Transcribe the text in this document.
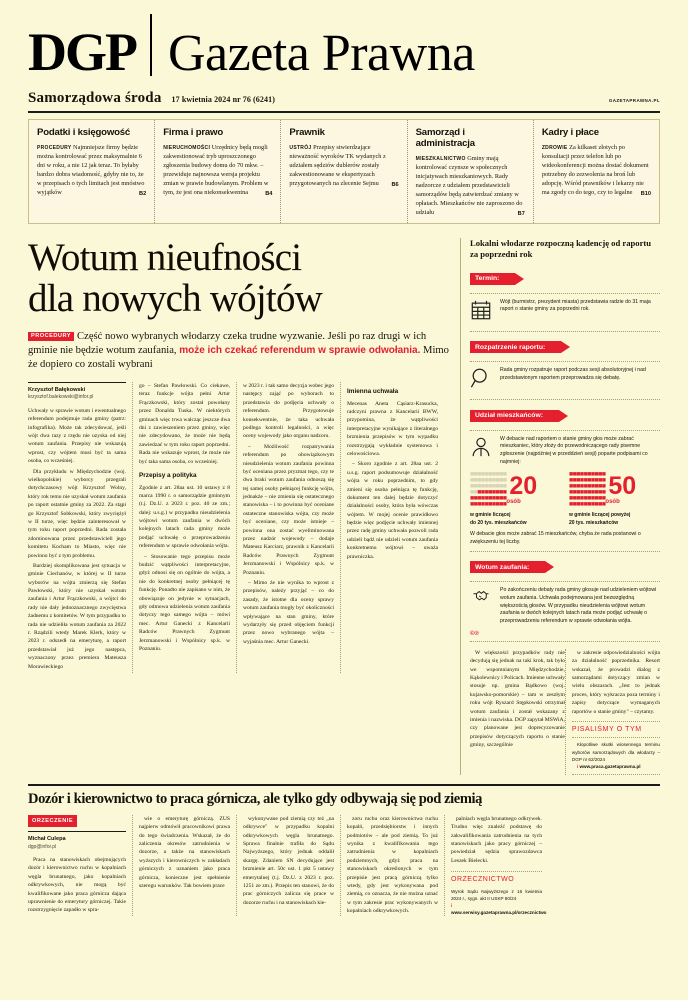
DGP Gazeta Prawna
Samorządowa środa 17 kwietnia 2024 nr 76 (6241)	GAZETAPRAWNA.PL
Podatki i księgowość

PROCEDURY Najmniejsze firmy będzie można kontrolować przez maksymalnie 6 dni w roku, a nie 12 jak teraz. To byłaby bardzo dobra wiadomość, gdyby nie to, że w przepisach o tych limitach jest mnóstwo wyjątków	B2

Firma i prawo

NIERUCHOMOŚCI Urzędnicy będą mogli zakwestionować tryb uproszczonego zgłoszenia budowy domu do 70 mkw. – przewiduje najnowsza wersja projektu zmian w prawie budowlanym. Problem w tym, że jest ona niekonsekwentna	B4

Prawnik

USTRÓJ Przepisy stwierdzające nieważność wyroków TK wydanych z udziałem sędziów dublerów zostały zakwestionowane w ekspertyzach przygotowanych na zlecenie Sejmu B6

Samorząd i administracja

MIESZKALNICTWO Gminy mają kontrolować czynsze w społecznych inicjatywach mieszkaniowych. Rady nadzorcze z udziałem przedstawicieli samorządów będą zatwierdzać zmiany w opłatach. Mieszkańców nie zaproszono do udziału	B7

Kadry i płace

ZDROWIE Za kilkaset złotych po konsultacji przez telefon lub po wideokonferencji można dostać dokument potrzebny do zezwolenia na broń lub adopcję. Wśród prawników i lekarzy nie ma zgody co do tego, czy to legalne B10

Wotum nieufności
dla nowych wójtów
PROCEDURY Część nowo wybranych włodarzy czeka trudne wyzwanie. Jeśli po raz drugi w ich gminie nie będzie wotum zaufania, może ich czekać referendum w sprawie odwołania. Mimo że dopiero co zostali wybrani
Krzysztof Bałękowski
krzysztof.balekowski@infor.pl

Uchwały w sprawie wotum i ewentualnego referendum podejmuje rada gminy (patrz: infografika). Może tak zdecydować, jeśli wójt dwa razy z rzędu nie uzyska od niej wotum zaufania. Przepisy nie wskazują wprost, czy wójtem musi być ta sama osoba, co wcześniej.

Dla przykładu w Międzychodzie (woj. wielkopolskie) wyborcy przegrali dotychczasowy wójt Krzysztof Wolny, który rok temu nie uzyskał wotum zaufania po raport ostatnie gminy za 2022. Za stąpi go Krzysztof Sobkowski, który zwyciężył w II turze, więc będzie zainteresował w tym roku raport poprzedni. Rada została zdominowana przez przedstawicieli jego komitetu Kocham to Miasto, więc nie powinno być z tym problemu.

Bardziej skomplikowana jest sytuacja w gminie Ciechanów, w której w II turze wyborów na wójta zmierzą się Stefan Pawłowski, który nie uzyskał wotum zaufania i Artur Frączkowski, a wójtci do rady nie dały jednoznacznego zwycięstwa żadnemu z komitetów. W tym przypadku to rada nie udzieliła wotum zaufania za 2022 r. Rządzili wtedy Marek Klerk, który w 2023 r. odszedł na emeryturę, a raport przedstawiał już jego następca, wyznaczony przez premiera Mateusza Morawieckiego

go – Stefan Pawłowski. Co ciekawe, teraz funkcje wójta pełni Artur Frączkowski, który został powołany przez Donalda Tuska. W niektórych gminach więc trwa walcząc jeszcze dwa dni z zawieszeniem przez gminy, więc nie zdecydowano, że może nie będą zawiedzać w tym roku raport poprzedni. Rada nie wskazuje wprost, że może nie być taka sama osoba, co wcześniej.

Przepisy a polityka

Zgodnie z art. 28aa ust. 10 ustawy z 8 marca 1990 r. o samorządzie gminnym (t.j. Dz.U. z 2023 r. poz. 40 ze zm.; dalej: u.s.g.) w przypadku nieudzielenia wójtowi wotum zaufania w dwóch kolejnych latach rada gminy może podjąć uchwałę o przeprowadzeniu referendum w sprawie odwołania wójta.

– Stosowanie tego przepisu może budzić wątpliwości interpretacyjne, gdyż odnosi się on ogólnie do wójta, a nie do konkretnej osoby pełniącej tę funkcję. Ponadto nie zapisano w nim, że obowiązuje on jedynie w sytuacjach, gdy odmowa udzielenia wotum zaufania dotyczy tego samego wójta – mówi mec. Artur Ganecki z Kancelarii Radców Prawnych Zygmunt Jerzmanowski i Wspólnicy sp.k. w Poznaniu.

w 2023 r. i tak samo decyzja wobec jego następcy zająć po wyborach to przedstawia do podjęcia uchwały o referendum. Przygotowuje konsekwentnie, że taka uchwała podlega kontroli legalności, a więc oceny wojewody jako organu nadzoru.

– Możliwość rozpatrywania referendum po obowiązkowym nieudzielenia wotum zaufania powinna być oceniana przez pryzmat tego, czy te dwa braki wotum zaufania odnoszą się tej samej osoby pełniącej funkcję wójta, jednakże – nie zmienia się ostatecznego stanowiska – i to powinna być oceniane ostateczne stanowiska wójta, czy może być oceniane, czy może istnieje – powinna ona zostać wyeliminowana przez nadzór wojewody – dodaje Mateusz Karciarz, prawnik z Kancelarii Radców Prawnych Zygmunt Jerzmanowski i Wspólnicy sp.k. w Poznaniu.

– Mimo że nie wynika to wprost z przepisów, należy przyjąć – co do zasady, że istotne dla oceny sprawy wotum zaufania mogły być okoliczności wpływające na stan gminy, które wydarzyły się przed objęciem funkcji przez nowo wybranego wójta – wyjaśnia mec. Artur Ganecki.

Imienna uchwała

Mecenas Aneta Cąsiarz-Krasucka, radczyni prawna z Kancelarii BWW, przypomina, że wątpliwości interpretacyjne wynikające z literalnego brzmienia przepisów w tym wypadku rozstrzygają wykładnie systemowa i celowościowa.

– Skoro zgodnie z art. 28aa ust. 2 u.s.g. raport podsumowuje działalność wójta w roku poprzednim, to gdy zmieni się osoba pełniąca tę funkcję, dokument ten dalej będzie dotyczyć działalności osoby, która była wówczas wójtem. W mojej ocenie prawidłowo będzie więc podjęcie uchwały imiennej przez radę gminy uchwała pozwoli rada udzieli bądź nie udzieli wotum zaufania konkretnemu wójtowi – uważa prawniczka.

Lokalni włodarze rozpoczną kadencję od raportu za poprzedni rok
Termin:
Wójt (burmistrz, prezydent miasta) przedstawia radzie do 31 maja raport o stanie gminy za poprzedni rok.
Rozpatrzenie raportu:
Rada gminy rozpatruje raport podczas sesji absolutoryjnej i nad przedstawionym raportem przeprowadza się debatę.
Udział mieszkańców:
W debacie nad raportem o stanie gminy głos może zabrać mieszkaniec, który złoży do przewodniczącego rady pisemne zgłoszenie (najpóźniej w przeddzień sesji) poparte podpisami co najmniej:
■■■■■■■■■■
■■■■■■■■■■
■■■■■■■■■■
■■■■■■■■■■
■■■■■■■■■■
■■■■■■■■■■

20
osób
w gminie liczącej
do 20 tys. mieszkańców
■■■■■■■■■■
■■■■■■■■■■
■■■■■■■■■■
■■■■■■■■■■
■■■■■■■■■■
■■■■■■■■■■

50
osób
w gminie liczącej powyżej
20 tys. mieszkańców
W debacie głos może zabrać 15 mieszkańców, chyba że rada postanowi o zwiększeniu tej liczby.
Wotum zaufania:
Po zakończeniu debaty rada gminy głosuje nad udzieleniem wójtowi wotum zaufania. Uchwała podejmowana jest bezwzględną większością głosów. W przypadku nieudzielenia wójtowi wotum zaufania w dwóch kolejnych latach rada może podjąć uchwałę o przeprowadzeniu referendum w sprawie odwołania wójta.
©℗

W większości przypadków rady nie decydują się jednak na taki krok, tak było we wspomnianym Międzychodzie, Kąkolewnicy i Policach. Imienne uchwały stosuje np. gmina Bądkowo (woj. kujawsko-pomorskie) – tam w zeszłym roku wójt Ryszard Stępkowski otrzymał wotum zaufania i został wskazany z imienia i nazwiska. DGP zapytał MSWiA, czy planowane jest doprecyzowanie przepisów dotyczących raportu o stanie gminy, szczególnie

w zakresie odpowiedzialności wójta za działalność poprzednika. Resort wskazał, że prowadzi dialog z samorządami dotyczący zmian w wielu obszarach. „Jest to jednak proces, który wykracza poza terminy i zapisy dotyczące wymaganych raportów o stanie gminy" – czytamy.

PISALIŚMY O TYM

Kłopotliwe skutki wiosennego terminu wyborów samorządowych dla włodarzy – DGP nr 62/2024

i www.praca.gazetaprawna.pl

Dozór i kierownictwo to praca górnicza, ale tylko gdy odbywają się pod ziemią
ORZECZENIE
Michał Culepa
dgp@infor.pl

Praca na stanowiskach obejmujących dozór i kierownictwo ruchu w kopalniach węgla brunatnego, jako kopalniach odkrywkowych, nie mogą być kwalifikowane jako praca górnicza dająca uprawnienie do emerytury górniczej. Takie rozstrzygnięcie zapadło w spra-

wie o emeryturę górniczą. ZUS najpierw odmówił pracownikowi prawa do tego świadczenia. Wskazał, że do zaliczenia okresów zatrudnienia w dozorze, a także na stanowiskach wyższych i kierowniczych w zakładach górniczych z uznaniem jako praca górnicza, konieczne jest spełnienie szeregu warunków. Tak bowiem prace

wykonywane pod ziemią czy też „na odkrywce" w przypadku kopalni odkrywkowych węgla brunatnego. Sprawa finalnie trafiła do Sądu Najwyższego, który jednak oddalił skargę. Zdaniem SN decydujące jest brzmienie art. 50c ust. 1 pkt 5 ustawy emerytalnej (t.j. Dz.U. z 2023 r. poz. 1251 ze zm.). Przepis ten stanowi, że do prac górniczych zalicza się prace w dozorze ruchu i na stanowiskach kie-

zoru ruchu oraz kierownictwa ruchu kopalń, przedsiębiorstw i innych podmiotów – ale pod ziemią. To już wynika z kwalifikowania tego zatrudnienia w kopalniach podziemnych, gdyż praca na stanowiskach określonych w tym przepisie jest pracą górniczą tylko wtedy, gdy jest wykonywana pod ziemią, co oznacza, że nie można uznać w tym zakresie prac wykonywanych w kopalniach odkrywkowych.

palniach węgla brunatnego odkrywek. Trudno więc znaleźć podstawę do zakwalifikowania zatrudnienia na tych stanowiskach jako pracy górniczej – powiedział sędzia sprawozdawca Leszek Bielecki.

ORZECZNICTWO

Wyrok Sądu Najwyższego z 16 kwietnia 2024 r., sygn. akt II USKP 80/24

i www.serwisy.gazetaprawna.pl/orzecznictwo
